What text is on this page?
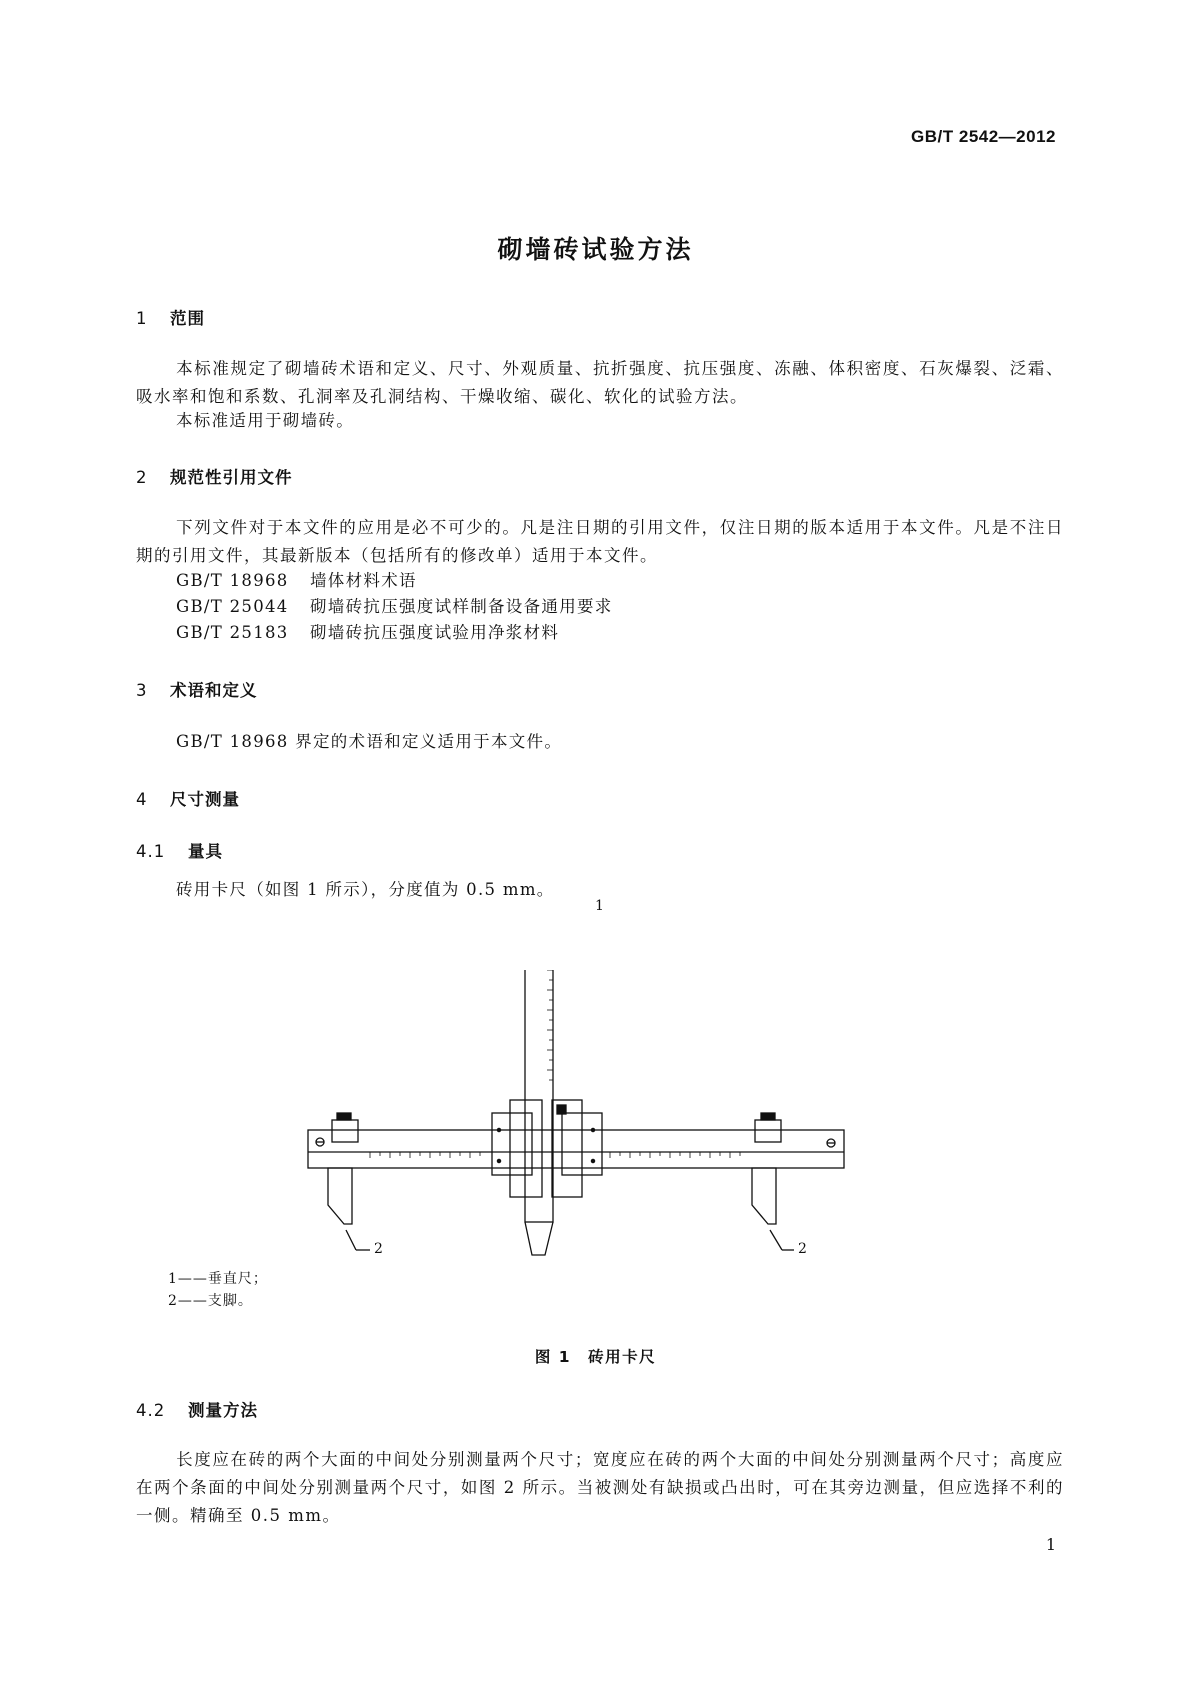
GB/T 2542—2012
砌墙砖试验方法
1 范围
本标准规定了砌墙砖术语和定义、尺寸、外观质量、抗折强度、抗压强度、冻融、体积密度、石灰爆裂、泛霜、吸水率和饱和系数、孔洞率及孔洞结构、干燥收缩、碳化、软化的试验方法。
本标准适用于砌墙砖。
2 规范性引用文件
下列文件对于本文件的应用是必不可少的。凡是注日期的引用文件，仅注日期的版本适用于本文件。凡是不注日期的引用文件，其最新版本（包括所有的修改单）适用于本文件。
GB/T 18968 墙体材料术语
GB/T 25044 砌墙砖抗压强度试样制备设备通用要求
GB/T 25183 砌墙砖抗压强度试验用净浆材料
3 术语和定义
GB/T 18968 界定的术语和定义适用于本文件。
4 尺寸测量
4.1 量具
砖用卡尺（如图 1 所示），分度值为 0.5 mm。
1
2	2
1——垂直尺；
2——支脚。
图 1　砖用卡尺
4.2 测量方法
长度应在砖的两个大面的中间处分别测量两个尺寸；宽度应在砖的两个大面的中间处分别测量两个尺寸；高度应在两个条面的中间处分别测量两个尺寸，如图 2 所示。当被测处有缺损或凸出时，可在其旁边测量，但应选择不利的一侧。精确至 0.5 mm。
1
